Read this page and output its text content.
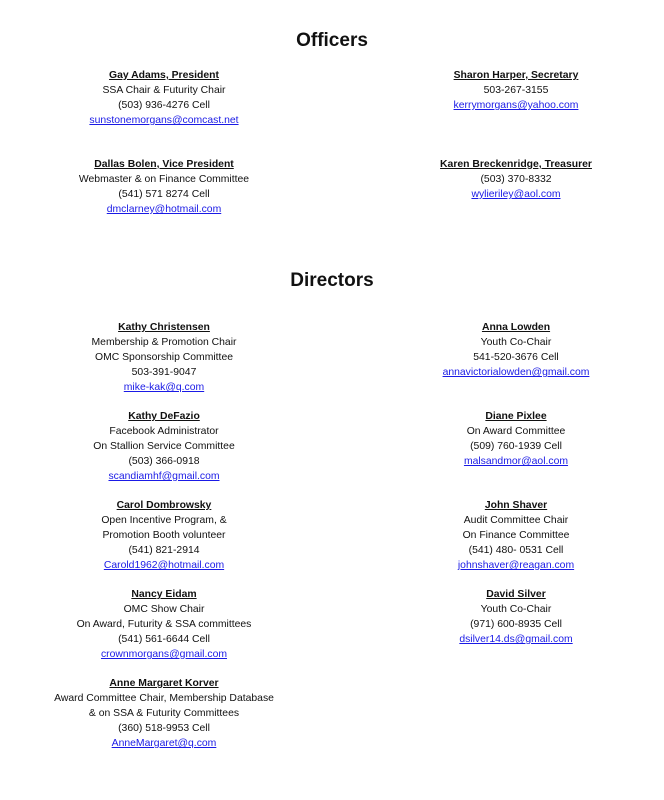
Officers
Gay Adams, President
SSA Chair & Futurity Chair
(503) 936-4276 Cell
sunstonemorgans@comcast.net
Dallas Bolen, Vice President
Webmaster & on Finance Committee
(541) 571 8274 Cell
dmclarney@hotmail.com
Sharon Harper, Secretary
503-267-3155
kerrymorgans@yahoo.com
Karen Breckenridge, Treasurer
(503) 370-8332
wylieriley@aol.com
Directors
Kathy Christensen
Membership & Promotion Chair
OMC Sponsorship Committee
503-391-9047
mike-kak@q.com
Kathy DeFazio
Facebook Administrator
On Stallion Service Committee
(503) 366-0918
scandiamhf@gmail.com
Carol Dombrowsky
Open Incentive Program, &
Promotion Booth volunteer
(541) 821-2914
Carold1962@hotmail.com
Nancy Eidam
OMC Show Chair
On Award, Futurity & SSA committees
(541) 561-6644 Cell
crownmorgans@gmail.com
Anne Margaret Korver
Award Committee Chair, Membership Database
& on SSA & Futurity Committees
(360) 518-9953 Cell
AnneMargaret@q.com
Anna Lowden
Youth Co-Chair
541-520-3676 Cell
annavictorialowden@gmail.com
Diane Pixlee
On Award Committee
(509) 760-1939 Cell
malsandmor@aol.com
John Shaver
Audit Committee Chair
On Finance Committee
(541) 480- 0531 Cell
johnshaver@reagan.com
David Silver
Youth Co-Chair
(971) 600-8935 Cell
dsilver14.ds@gmail.com
